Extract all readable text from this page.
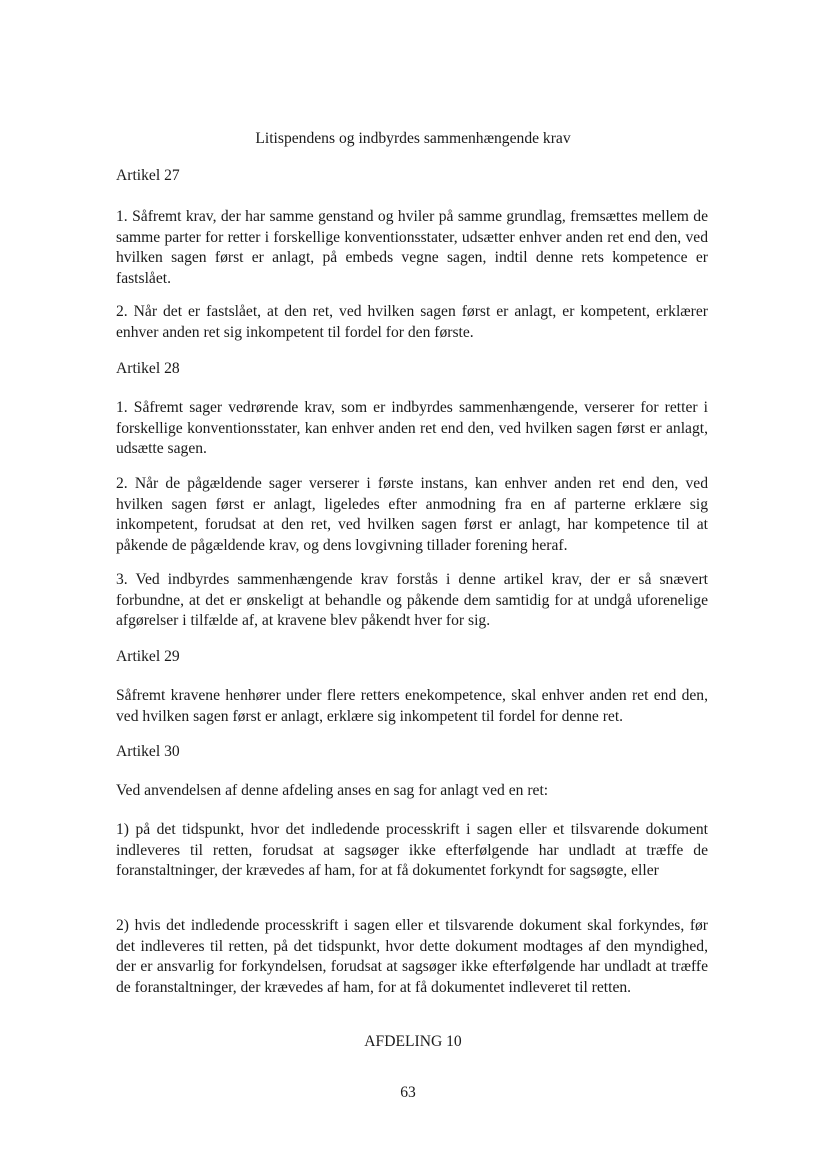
Litispendens og indbyrdes sammenhængende krav

Artikel 27

1. Såfremt krav, der har samme genstand og hviler på samme grundlag, fremsættes mellem de samme parter for retter i forskellige konventionsstater, udsætter enhver anden ret end den, ved hvilken sagen først er anlagt, på embeds vegne sagen, indtil denne rets kompetence er fastslået.

2. Når det er fastslået, at den ret, ved hvilken sagen først er anlagt, er kompetent, erklærer enhver anden ret sig inkompetent til fordel for den første.

Artikel 28

1. Såfremt sager vedrørende krav, som er indbyrdes sammenhængende, verserer for retter i forskellige konventionsstater, kan enhver anden ret end den, ved hvilken sagen først er anlagt, udsætte sagen.

2. Når de pågældende sager verserer i første instans, kan enhver anden ret end den, ved hvilken sagen først er anlagt, ligeledes efter anmodning fra en af parterne erklære sig inkompetent, forudsat at den ret, ved hvilken sagen først er anlagt, har kompetence til at påkende de pågældende krav, og dens lovgivning tillader forening heraf.

3. Ved indbyrdes sammenhængende krav forstås i denne artikel krav, der er så snævert forbundne, at det er ønskeligt at behandle og påkende dem samtidig for at undgå uforenelige afgørelser i tilfælde af, at kravene blev påkendt hver for sig.

Artikel 29

Såfremt kravene henhører under flere retters enekompetence, skal enhver anden ret end den, ved hvilken sagen først er anlagt, erklære sig inkompetent til fordel for denne ret.

Artikel 30

Ved anvendelsen af denne afdeling anses en sag for anlagt ved en ret:

1) på det tidspunkt, hvor det indledende processkrift i sagen eller et tilsvarende dokument indleveres til retten, forudsat at sagsøger ikke efterfølgende har undladt at træffe de foranstaltninger, der krævedes af ham, for at få dokumentet forkyndt for sagsøgte, eller

2) hvis det indledende processkrift i sagen eller et tilsvarende dokument skal forkyndes, før det indleveres til retten, på det tidspunkt, hvor dette dokument modtages af den myndighed, der er ansvarlig for forkyndelsen, forudsat at sagsøger ikke efterfølgende har undladt at træffe de foranstaltninger, der krævedes af ham, for at få dokumentet indleveret til retten.

AFDELING 10

63
